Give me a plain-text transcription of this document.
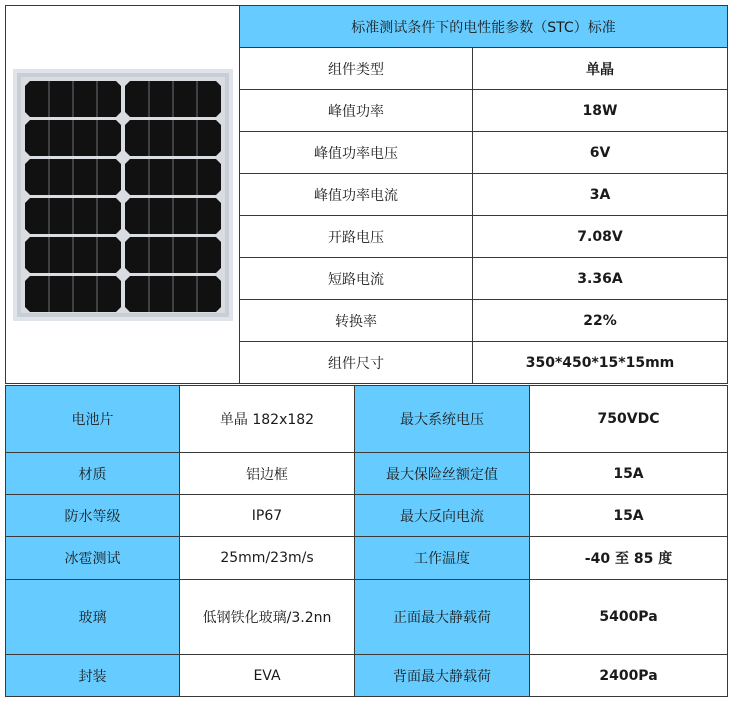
	标准测试条件下的电性能参数（STC）标准	
	组件类型	单晶
	峰值功率	18W
	峰值功率电压	6V
	峰值功率电流	3A
	开路电压	7.08V
	短路电流	3.36A
	转换率	22%
	组件尺寸	350*450*15*15mm
电池片	单晶 182x182	最大系统电压	750VDC
材质	铝边框	最大保险丝额定值	15A
防水等级	IP67	最大反向电流	15A
冰雹测试	25mm/23m/s	工作温度	-40 至 85 度
玻璃	低钢铁化玻璃/3.2nn	正面最大静载荷	5400Pa
封装	EVA	背面最大静载荷	2400Pa
